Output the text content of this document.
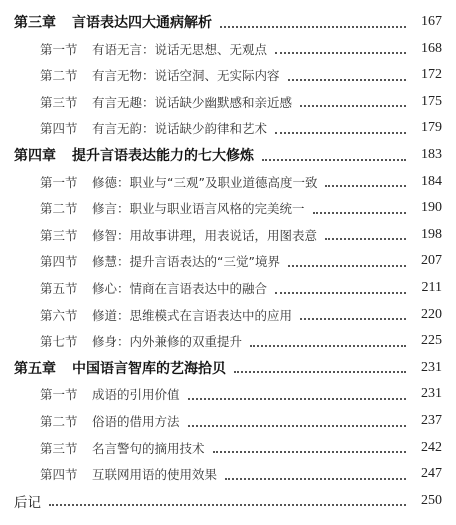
第三章	言语表达四大通病解析	167
第一节	有语无言：说话无思想、无观点	168
第二节	有言无物：说话空洞、无实际内容	172
第三节	有言无趣：说话缺少幽默感和亲近感	175
第四节	有言无韵：说话缺少韵律和艺术	179
第四章	提升言语表达能力的七大修炼	183
第一节	修德：职业与“三观”及职业道德高度一致	184
第二节	修言：职业与职业语言风格的完美统一	190
第三节	修智：用故事讲理，用表说话，用图表意	198
第四节	修慧：提升言语表达的“三觉”境界	207
第五节	修心：情商在言语表达中的融合	211
第六节	修道：思维模式在言语表达中的应用	220
第七节	修身：内外兼修的双重提升	225
第五章	中国语言智库的艺海拾贝	231
第一节	成语的引用价值	231
第二节	俗语的借用方法	237
第三节	名言警句的摘用技术	242
第四节	互联网用语的使用效果	247
后记	250
